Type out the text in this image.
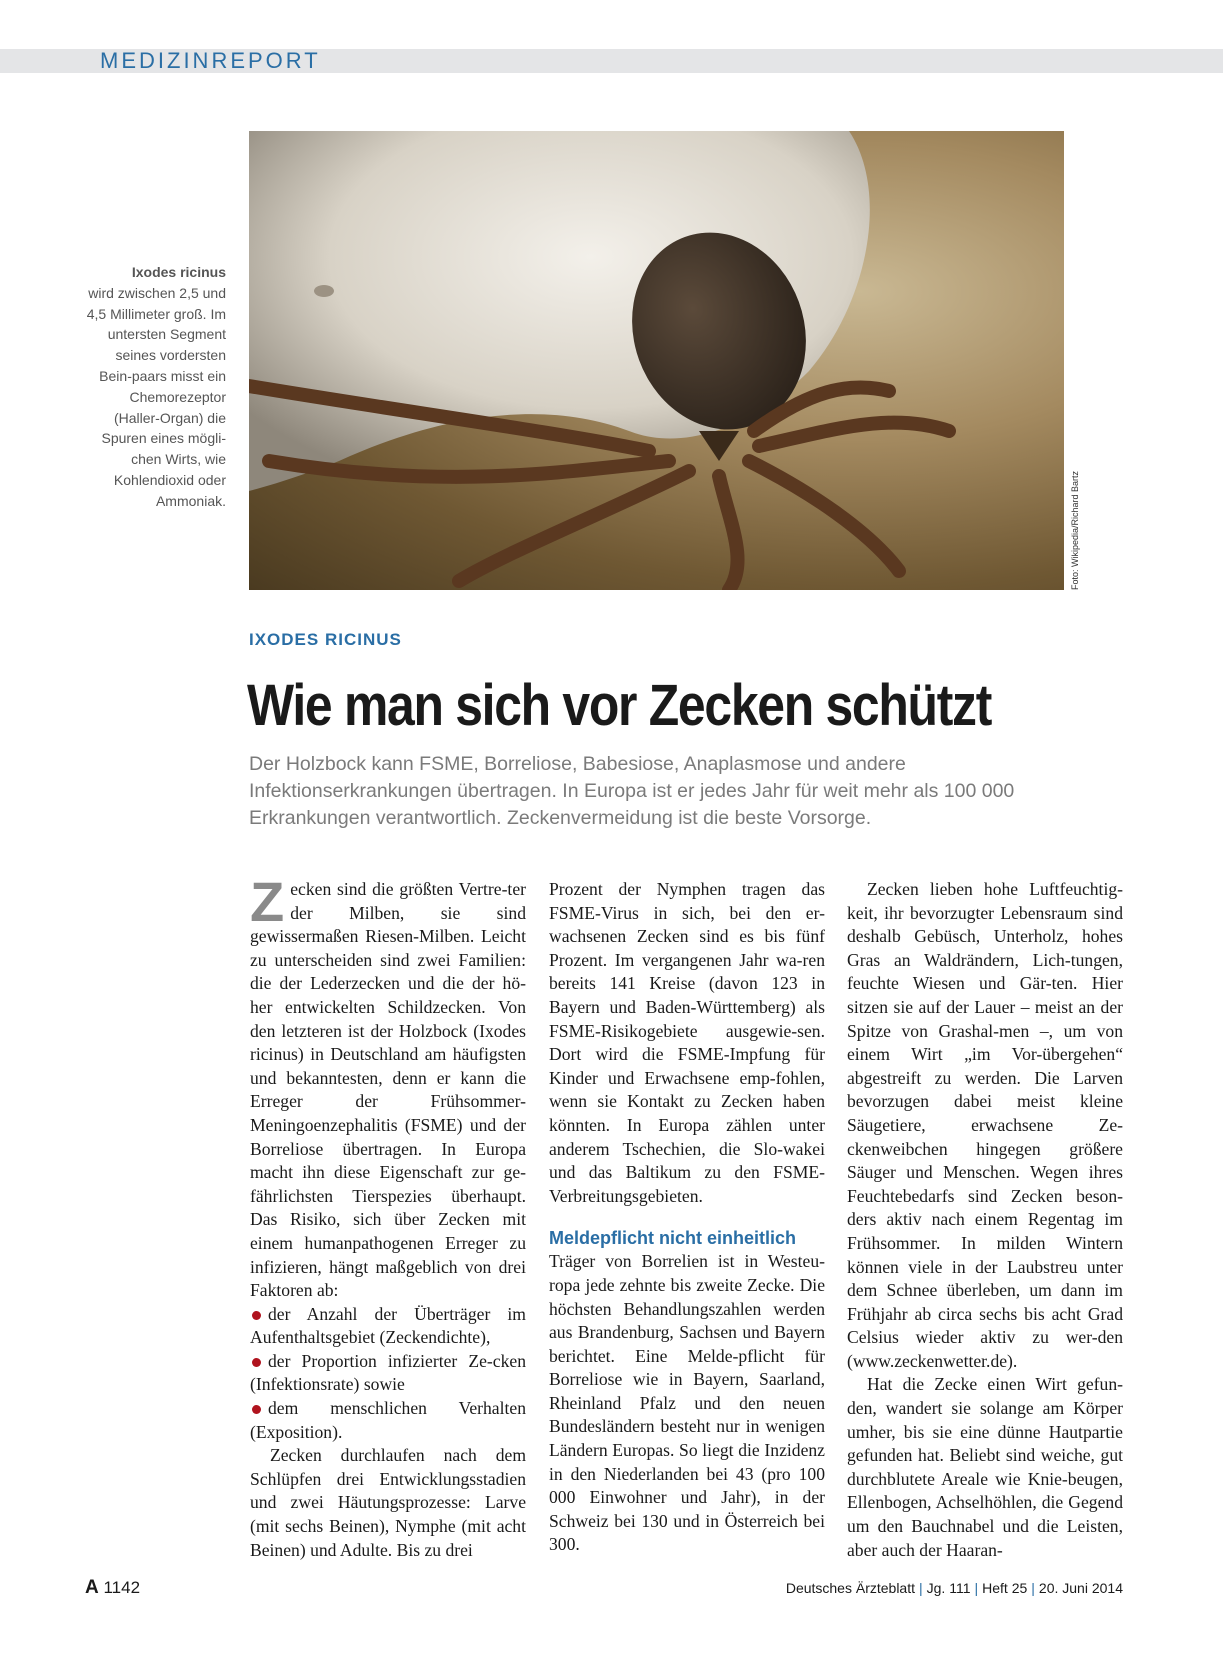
MEDIZINREPORT
Foto: Wikipedia/Richard Bartz
Ixodes ricinus
wird zwischen 2,5 und 4,5 Millimeter groß. Im untersten Segment seines vordersten Bein-paars misst ein Chemorezeptor (Haller-Organ) die Spuren eines mögli-chen Wirts, wie Kohlendioxid oder Ammoniak.
IXODES RICINUS
Wie man sich vor Zecken schützt
Der Holzbock kann FSME, Borreliose, Babesiose, Anaplasmose und andere Infektionserkrankungen übertragen. In Europa ist er jedes Jahr für weit mehr als 100 000 Erkrankungen verantwortlich. Zeckenvermeidung ist die beste Vorsorge.

Zecken sind die größten Vertre-ter der Milben, sie sind gewissermaßen Riesen-Milben. Leicht zu unterscheiden sind zwei Familien: die der Lederzecken und die der hö-her entwickelten Schildzecken. Von den letzteren ist der Holzbock (Ixodes ricinus) in Deutschland am häufigsten und bekanntesten, denn er kann die Erreger der Frühsommer-Meningoenzephalitis (FSME) und der Borreliose übertragen. In Europa macht ihn diese Eigenschaft zur ge-fährlichsten Tierspezies überhaupt. Das Risiko, sich über Zecken mit einem humanpathogenen Erreger zu infizieren, hängt maßgeblich von drei Faktoren ab:

der Anzahl der Überträger im Aufenthaltsgebiet (Zeckendichte),

der Proportion infizierter Ze-cken (Infektionsrate) sowie

dem menschlichen Verhalten (Exposition).

Zecken durchlaufen nach dem Schlüpfen drei Entwicklungsstadien und zwei Häutungsprozesse: Larve (mit sechs Beinen), Nymphe (mit acht Beinen) und Adulte. Bis zu drei

Prozent der Nymphen tragen das FSME-Virus in sich, bei den er-wachsenen Zecken sind es bis fünf Prozent. Im vergangenen Jahr wa-ren bereits 141 Kreise (davon 123 in Bayern und Baden-Württemberg) als FSME-Risikogebiete ausgewie-sen. Dort wird die FSME-Impfung für Kinder und Erwachsene emp-fohlen, wenn sie Kontakt zu Zecken haben könnten. In Europa zählen unter anderem Tschechien, die Slo-wakei und das Baltikum zu den FSME-Verbreitungsgebieten.

Meldepflicht nicht einheitlich

Träger von Borrelien ist in Westeu-ropa jede zehnte bis zweite Zecke. Die höchsten Behandlungszahlen werden aus Brandenburg, Sachsen und Bayern berichtet. Eine Melde-pflicht für Borreliose wie in Bayern, Saarland, Rheinland Pfalz und den neuen Bundesländern besteht nur in wenigen Ländern Europas. So liegt die Inzidenz in den Niederlanden bei 43 (pro 100 000 Einwohner und Jahr), in der Schweiz bei 130 und in Österreich bei 300.

Zecken lieben hohe Luftfeuchtig-keit, ihr bevorzugter Lebensraum sind deshalb Gebüsch, Unterholz, hohes Gras an Waldrändern, Lich-tungen, feuchte Wiesen und Gär-ten. Hier sitzen sie auf der Lauer – meist an der Spitze von Grashal-men –, um von einem Wirt „im Vor-übergehen“ abgestreift zu werden. Die Larven bevorzugen dabei meist kleine Säugetiere, erwachsene Ze-ckenweibchen hingegen größere Säuger und Menschen. Wegen ihres Feuchtebedarfs sind Zecken beson-ders aktiv nach einem Regentag im Frühsommer. In milden Wintern können viele in der Laubstreu unter dem Schnee überleben, um dann im Frühjahr ab circa sechs bis acht Grad Celsius wieder aktiv zu wer-den (www.zeckenwetter.de).

Hat die Zecke einen Wirt gefun-den, wandert sie solange am Körper umher, bis sie eine dünne Hautpartie gefunden hat. Beliebt sind weiche, gut durchblutete Areale wie Knie-beugen, Ellenbogen, Achselhöhlen, die Gegend um den Bauchnabel und die Leisten, aber auch der Haaran-

A 1142	Deutsches Ärzteblatt | Jg. 111 | Heft 25 | 20. Juni 2014
